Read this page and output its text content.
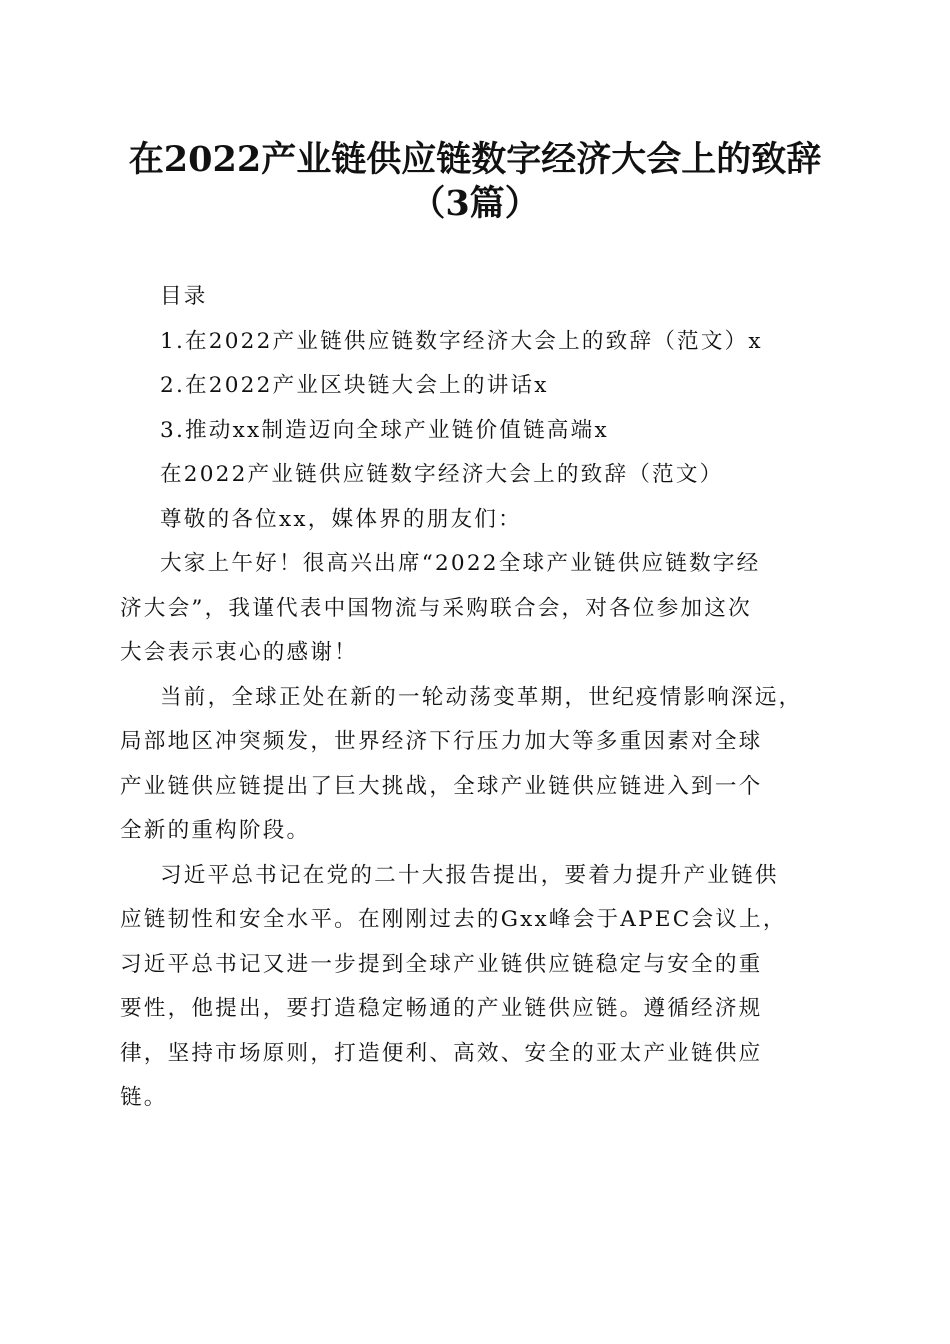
在2022产业链供应链数字经济大会上的致辞
（3篇）
目录
1.在2022产业链供应链数字经济大会上的致辞（范文）x
2.在2022产业区块链大会上的讲话x
3.推动xx制造迈向全球产业链价值链高端x
在2022产业链供应链数字经济大会上的致辞（范文）
尊敬的各位xx，媒体界的朋友们：
大家上午好！很高兴出席“2022全球产业链供应链数字经
济大会”，我谨代表中国物流与采购联合会，对各位参加这次
大会表示衷心的感谢！
当前，全球正处在新的一轮动荡变革期，世纪疫情影响深远，
局部地区冲突频发，世界经济下行压力加大等多重因素对全球
产业链供应链提出了巨大挑战，全球产业链供应链进入到一个
全新的重构阶段。
习近平总书记在党的二十大报告提出，要着力提升产业链供
应链韧性和安全水平。在刚刚过去的Gxx峰会于APEC会议上，
习近平总书记又进一步提到全球产业链供应链稳定与安全的重
要性，他提出，要打造稳定畅通的产业链供应链。遵循经济规
律，坚持市场原则，打造便利、高效、安全的亚太产业链供应
链。
